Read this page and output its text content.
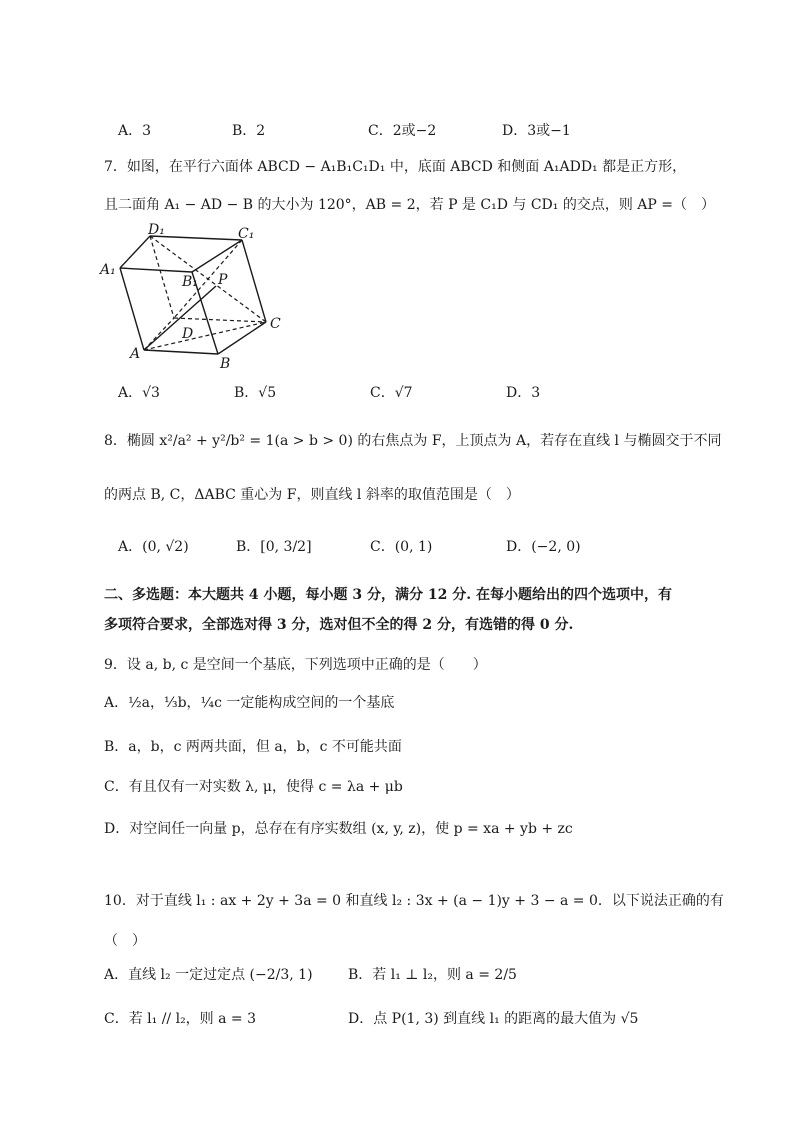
A．3	B．2	C．2或−2	D．3或−1
7．如图，在平行六面体 ABCD − A₁B₁C₁D₁ 中，底面 ABCD 和侧面 A₁ADD₁ 都是正方形，
且二面角 A₁ − AD − B 的大小为 120°，AB = 2，若 P 是 C₁D 与 CD₁ 的交点，则 AP =（　）
D₁	C₁
A₁
B₁ P
D
C
A
B
A．√3	B．√5	C．√7	D．3
8．椭圆 x²/a² + y²/b² = 1(a > b > 0) 的右焦点为 F，上顶点为 A，若存在直线 l 与椭圆交于不同
的两点 B, C，ΔABC 重心为 F，则直线 l 斜率的取值范围是（　）
A．(0, √2)	B．[0, 3/2]	C．(0, 1)	D．(−2, 0)
二、多选题：本大题共 4 小题，每小题 3 分，满分 12 分. 在每小题给出的四个选项中，有
多项符合要求，全部选对得 3 分，选对但不全的得 2 分，有选错的得 0 分.
9．设 a, b, c 是空间一个基底，下列选项中正确的是（　　）
A．½a，⅓b，¼c 一定能构成空间的一个基底
B．a，b，c 两两共面，但 a，b，c 不可能共面
C．有且仅有一对实数 λ, μ，使得 c = λa + μb
D．对空间任一向量 p，总存在有序实数组 (x, y, z)，使 p = xa + yb + zc
10．对于直线 l₁ : ax + 2y + 3a = 0 和直线 l₂ : 3x + (a − 1)y + 3 − a = 0．以下说法正确的有
（　）
A．直线 l₂ 一定过定点 (−2/3, 1)	B．若 l₁ ⊥ l₂，则 a = 2/5
C．若 l₁ // l₂，则 a = 3	D．点 P(1, 3) 到直线 l₁ 的距离的最大值为 √5
